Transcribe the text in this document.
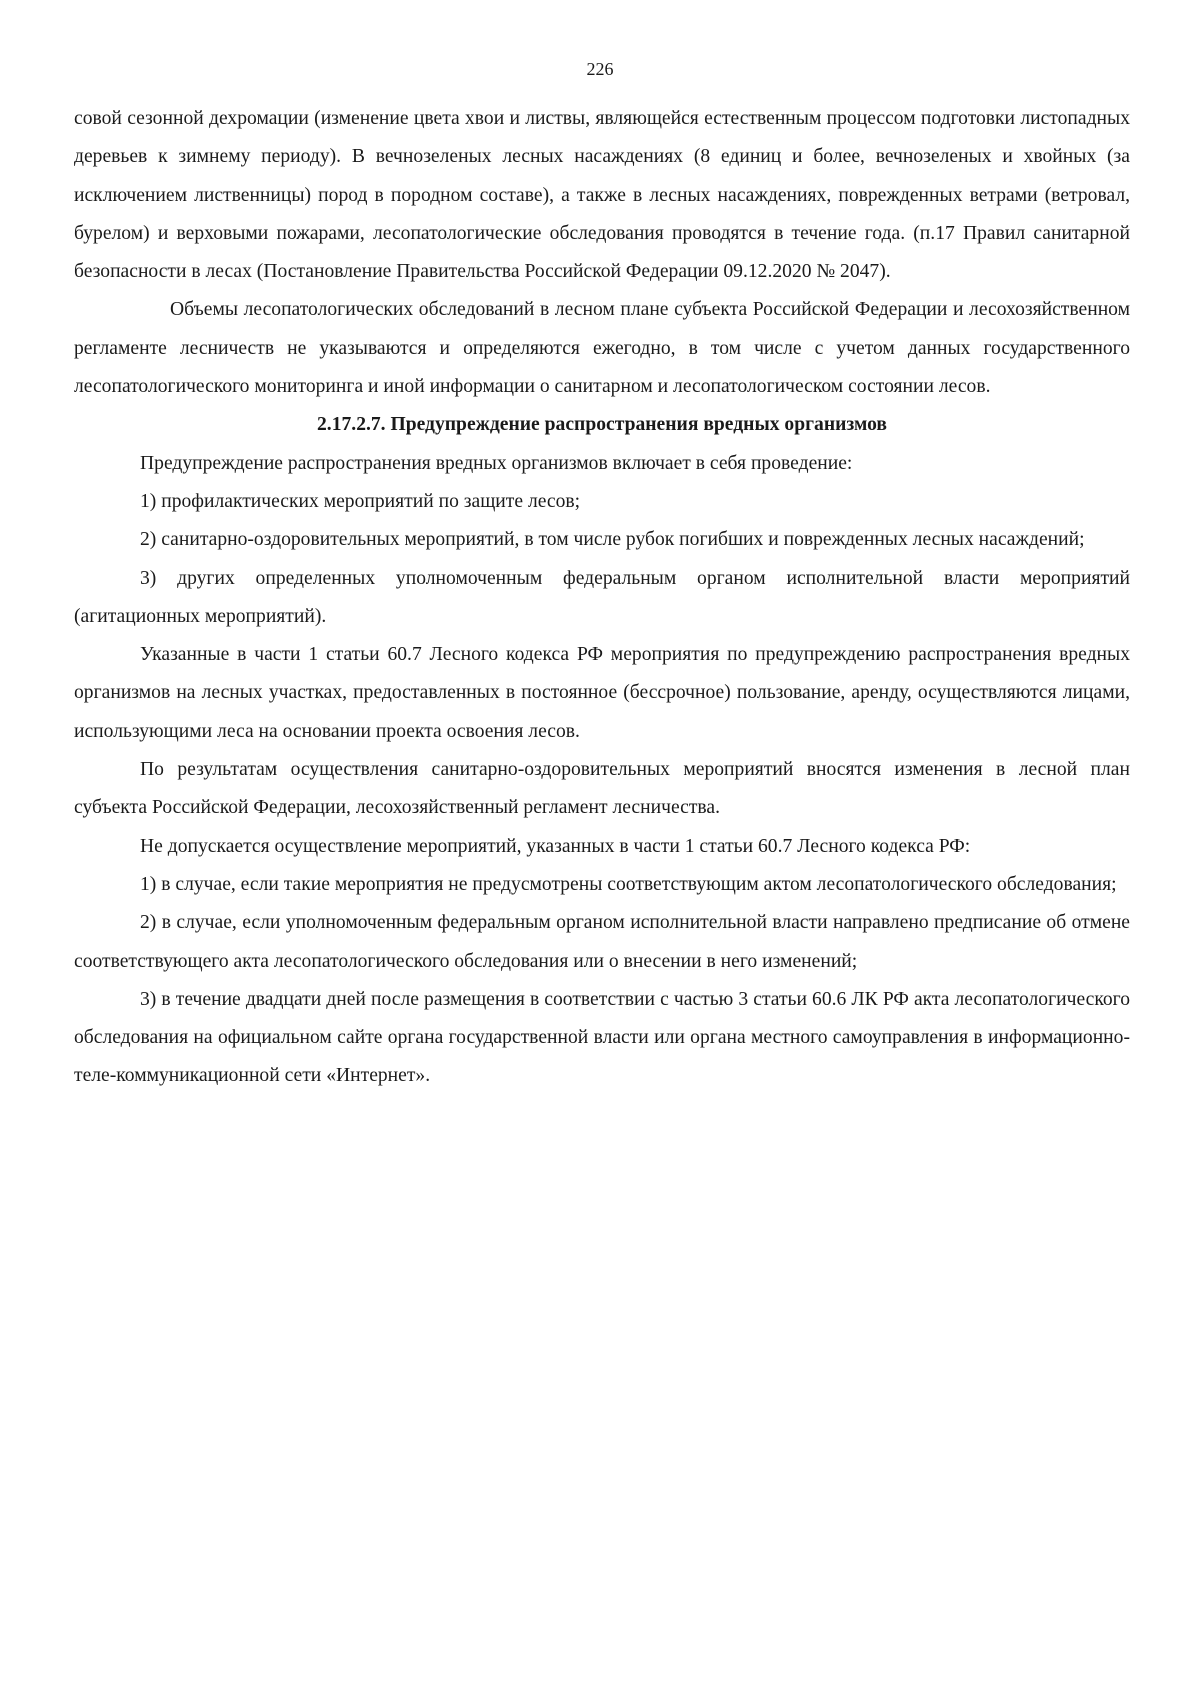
226

совой сезонной дехромации (изменение цвета хвои и листвы, являющейся естественным процессом подготовки листопадных деревьев к зимнему периоду). В вечнозеленых лесных насаждениях (8 единиц и более, вечнозеленых и хвойных (за исключением лиственницы) пород в породном составе), а также в лесных насаждениях, поврежденных ветрами (ветровал, бурелом) и верховыми пожарами, лесопатологические обследования проводятся в течение года. (п.17 Правил санитарной безопасности в лесах (Постановление Правительства Российской Федерации 09.12.2020 № 2047).

Объемы лесопатологических обследований в лесном плане субъекта Российской Федерации и лесохозяйственном регламенте лесничеств не указываются и определяются ежегодно, в том числе с учетом данных государственного лесопатологического мониторинга и иной информации о санитарном и лесопатологическом состоянии лесов.

2.17.2.7. Предупреждение распространения вредных организмов

Предупреждение распространения вредных организмов включает в себя проведение:

1) профилактических мероприятий по защите лесов;

2) санитарно-оздоровительных мероприятий, в том числе рубок погибших и поврежденных лесных насаждений;

3) других определенных уполномоченным федеральным органом исполнительной власти мероприятий (агитационных мероприятий).

Указанные в части 1 статьи 60.7 Лесного кодекса РФ мероприятия по предупреждению распространения вредных организмов на лесных участках, предоставленных в постоянное (бессрочное) пользование, аренду, осуществляются лицами, использующими леса на основании проекта освоения лесов.

По результатам осуществления санитарно-оздоровительных мероприятий вносятся изменения в лесной план субъекта Российской Федерации, лесохозяйственный регламент лесничества.

Не допускается осуществление мероприятий, указанных в части 1 статьи 60.7 Лесного кодекса РФ:

1) в случае, если такие мероприятия не предусмотрены соответствующим актом лесопатологического обследования;

2) в случае, если уполномоченным федеральным органом исполнительной власти направлено предписание об отмене соответствующего акта лесопатологического обследования или о внесении в него изменений;

3) в течение двадцати дней после размещения в соответствии с частью 3 статьи 60.6 ЛК РФ акта лесопатологического обследования на официальном сайте органа государственной власти или органа местного самоуправления в информационно-теле-коммуникационной сети «Интернет».
